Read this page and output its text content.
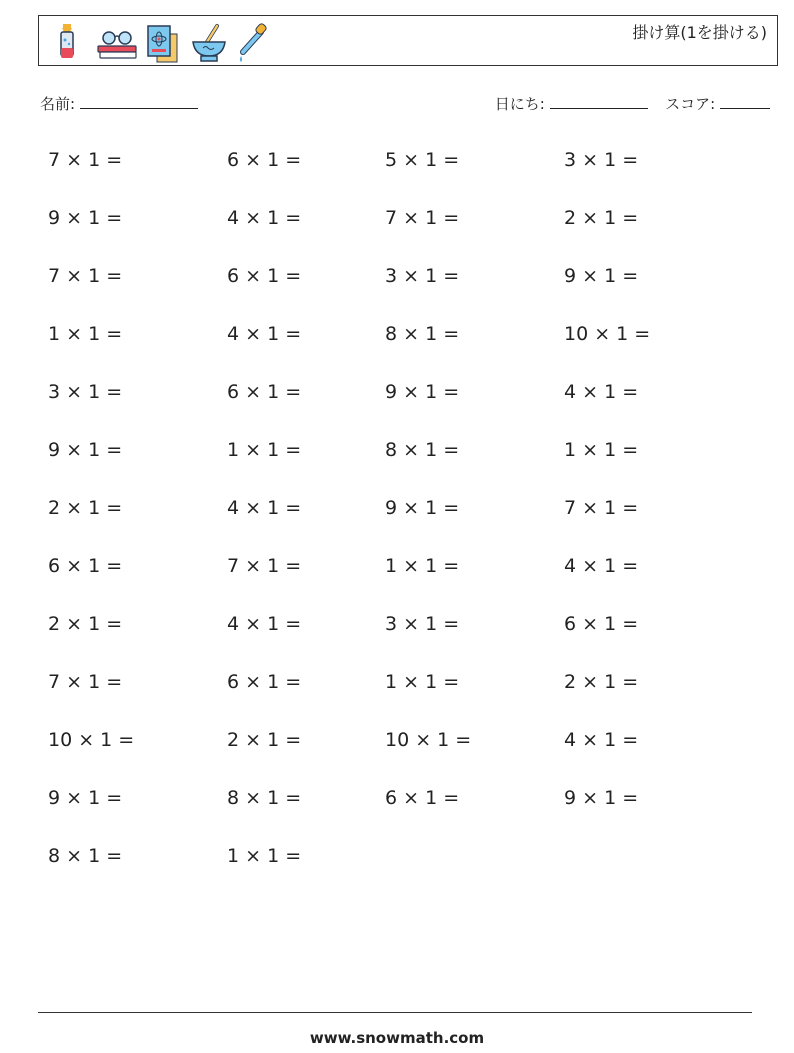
掛け算(1を掛ける)
名前:	日にち:	スコア:
7 × 1 =	6 × 1 =	5 × 1 =	3 × 1 =
9 × 1 =	4 × 1 =	7 × 1 =	2 × 1 =
7 × 1 =	6 × 1 =	3 × 1 =	9 × 1 =
1 × 1 =	4 × 1 =	8 × 1 =	10 × 1 =
3 × 1 =	6 × 1 =	9 × 1 =	4 × 1 =
9 × 1 =	1 × 1 =	8 × 1 =	1 × 1 =
2 × 1 =	4 × 1 =	9 × 1 =	7 × 1 =
6 × 1 =	7 × 1 =	1 × 1 =	4 × 1 =
2 × 1 =	4 × 1 =	3 × 1 =	6 × 1 =
7 × 1 =	6 × 1 =	1 × 1 =	2 × 1 =
10 × 1 =	2 × 1 =	10 × 1 =	4 × 1 =
9 × 1 =	8 × 1 =	6 × 1 =	9 × 1 =
8 × 1 =	1 × 1 =
www.snowmath.com
